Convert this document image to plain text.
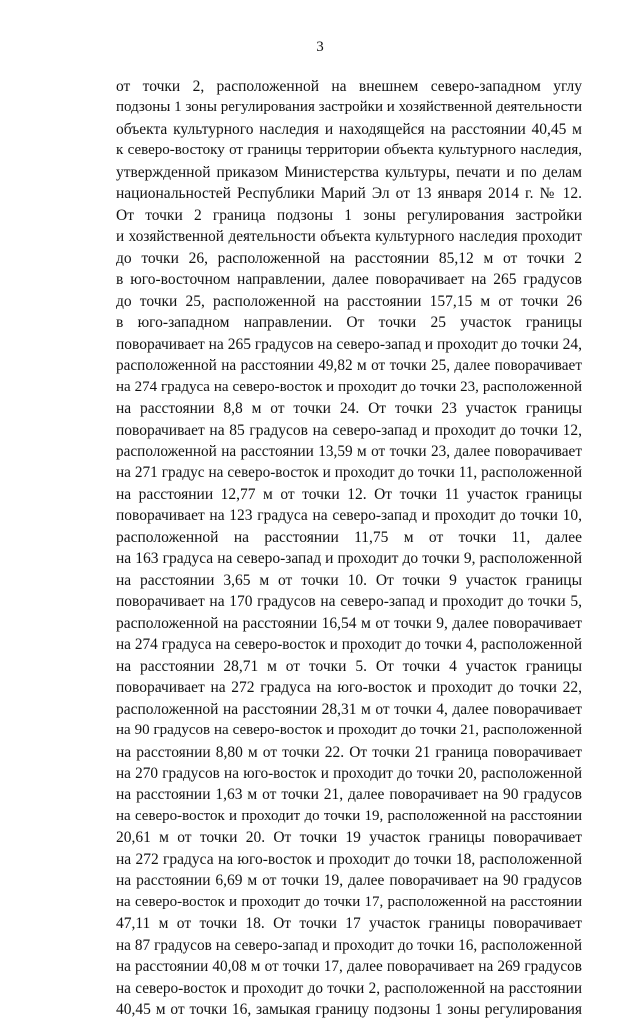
3
от точки 2, расположенной на внешнем северо-западном углу
подзоны 1 зоны регулирования застройки и хозяйственной деятельности
объекта культурного наследия и находящейся на расстоянии 40,45 м
к северо-востоку от границы территории объекта культурного наследия,
утвержденной приказом Министерства культуры, печати и по делам
национальностей Республики Марий Эл от 13 января 2014 г. № 12.
От точки 2 граница подзоны 1 зоны регулирования застройки
и хозяйственной деятельности объекта культурного наследия проходит
до точки 26, расположенной на расстоянии 85,12 м от точки 2
в юго-восточном направлении, далее поворачивает на 265 градусов
до точки 25, расположенной на расстоянии 157,15 м от точки 26
в юго-западном направлении. От точки 25 участок границы
поворачивает на 265 градусов на северо-запад и проходит до точки 24,
расположенной на расстоянии 49,82 м от точки 25, далее поворачивает
на 274 градуса на северо-восток и проходит до точки 23, расположенной
на расстоянии 8,8 м от точки 24. От точки 23 участок границы
поворачивает на 85 градусов на северо-запад и проходит до точки 12,
расположенной на расстоянии 13,59 м от точки 23, далее поворачивает
на 271 градус на северо-восток и проходит до точки 11, расположенной
на расстоянии 12,77 м от точки 12. От точки 11 участок границы
поворачивает на 123 градуса на северо-запад и проходит до точки 10,
расположенной на расстоянии 11,75 м от точки 11, далее
на 163 градуса на северо-запад и проходит до точки 9, расположенной
на расстоянии 3,65 м от точки 10. От точки 9 участок границы
поворачивает на 170 градусов на северо-запад и проходит до точки 5,
расположенной на расстоянии 16,54 м от точки 9, далее поворачивает
на 274 градуса на северо-восток и проходит до точки 4, расположенной
на расстоянии 28,71 м от точки 5. От точки 4 участок границы
поворачивает на 272 градуса на юго-восток и проходит до точки 22,
расположенной на расстоянии 28,31 м от точки 4, далее поворачивает
на 90 градусов на северо-восток и проходит до точки 21, расположенной
на расстоянии 8,80 м от точки 22. От точки 21 граница поворачивает
на 270 градусов на юго-восток и проходит до точки 20, расположенной
на расстоянии 1,63 м от точки 21, далее поворачивает на 90 градусов
на северо-восток и проходит до точки 19, расположенной на расстоянии
20,61 м от точки 20. От точки 19 участок границы поворачивает
на 272 градуса на юго-восток и проходит до точки 18, расположенной
на расстоянии 6,69 м от точки 19, далее поворачивает на 90 градусов
на северо-восток и проходит до точки 17, расположенной на расстоянии
47,11 м от точки 18. От точки 17 участок границы поворачивает
на 87 градусов на северо-запад и проходит до точки 16, расположенной
на расстоянии 40,08 м от точки 17, далее поворачивает на 269 градусов
на северо-восток и проходит до точки 2, расположенной на расстоянии
40,45 м от точки 16, замыкая границу подзоны 1 зоны регулирования
